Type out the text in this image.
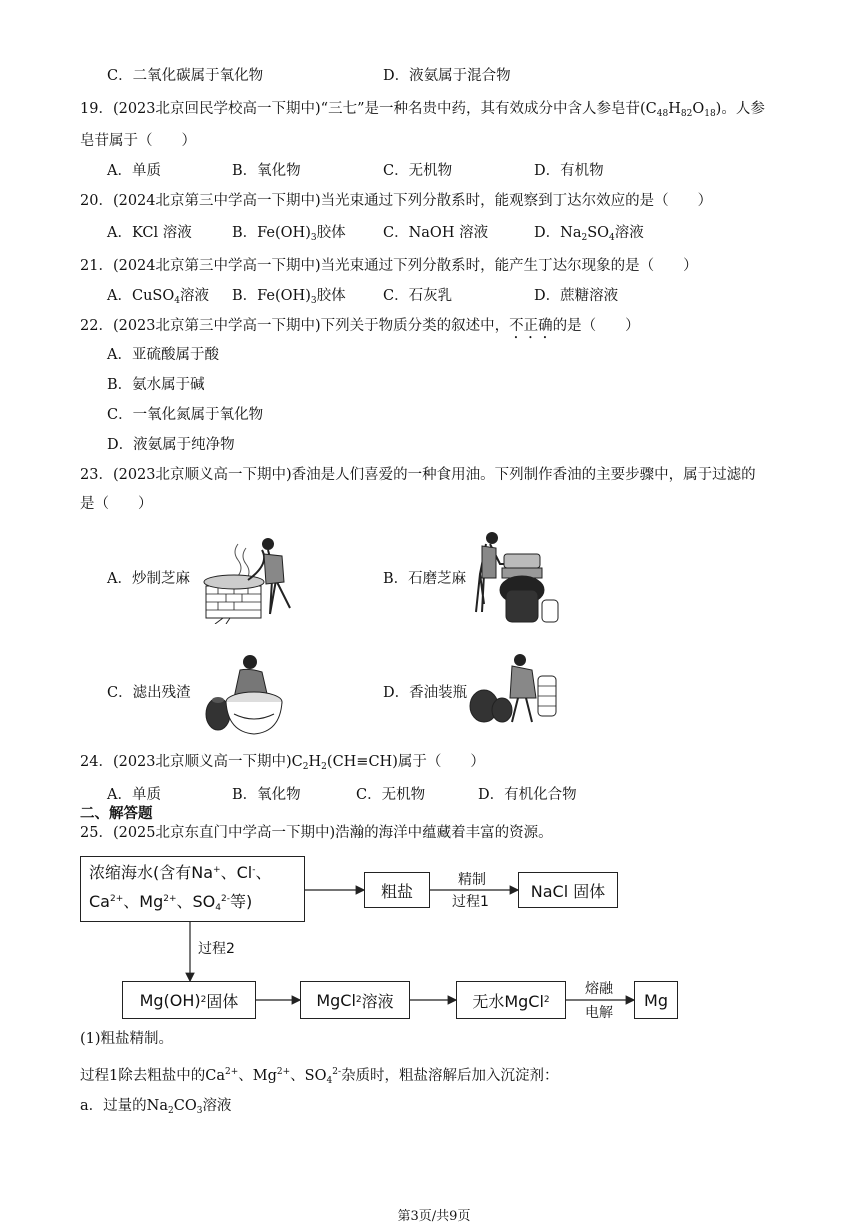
C．二氧化碳属于氧化物	D．液氨属于混合物
19．(2023北京回民学校高一下期中)“三七”是一种名贵中药，其有效成分中含人参皂苷$(C_{48}H_{82}O_{18})$。人参
皂苷属于（　　）
A．单质	B．氧化物	C．无机物	D．有机物
20．(2024北京第三中学高一下期中)当光束通过下列分散系时，能观察到丁达尔效应的是（　　）
A．KCl 溶液	B．$Fe(OH)_3$胶体	C．NaOH 溶液	D．$Na_2SO_4$溶液
21．(2024北京第三中学高一下期中)当光束通过下列分散系时，能产生丁达尔现象的是（　　）
A．CuSO$_4$溶液 B．$Fe(OH)_3$胶体	C．石灰乳	D．蔗糖溶液
22．(2023北京第三中学高一下期中)下列关于物质分类的叙述中，不正确的是（　　）
A．亚硫酸属于酸
B．氨水属于碱
C．一氧化氮属于氧化物
D．液氨属于纯净物
23．(2023北京顺义高一下期中)香油是人们喜爱的一种食用油。下列制作香油的主要步骤中，属于过滤的
是（　　）
A．炒制芝麻	B．石磨芝麻
C．滤出残渣	D．香油装瓶
24．(2023北京顺义高一下期中)$C_2H_2(CH\equiv CH)$属于（　　）
A．单质	B．氧化物	C．无机物	D．有机化合物
二、解答题
25．(2025北京东直门中学高一下期中)浩瀚的海洋中蕴藏着丰富的资源。
浓缩海水(含有Na+、Cl-、
$Ca^{2+}$、$Mg^{2+}$、$SO_4^{2-}$等)
粗盐
精制
过程1
NaCl 固体
过程2
Mg(OH) 2 固体	MgCl 2 溶液	无水MgCl 2
熔融
电解
Mg
(1)粗盐精制。
过程1除去粗盐中的$Ca^{2+}$、$Mg^{2+}$、$SO_4^{2-}$杂质时，粗盐溶解后加入沉淀剂：
a．过量的$Na_2CO_3$溶液
第3页/共9页
